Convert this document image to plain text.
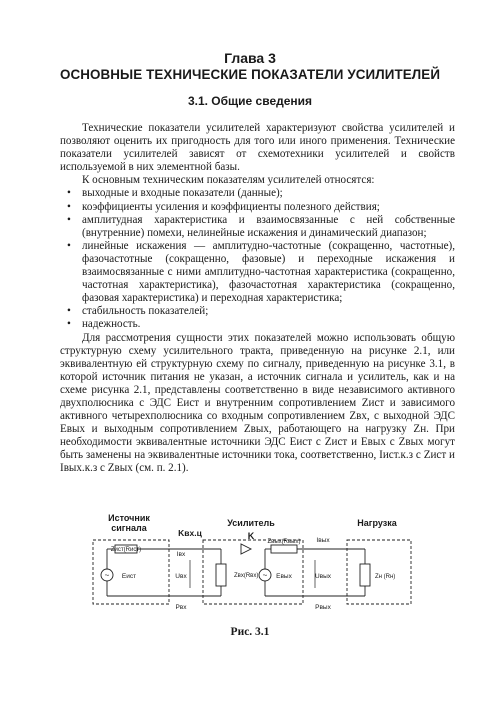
Глава 3
ОСНОВНЫЕ ТЕХНИЧЕСКИЕ ПОКАЗАТЕЛИ УСИЛИТЕЛЕЙ
3.1. Общие сведения

Технические показатели усилителей характеризуют свойства усилителей и позволяют оценить их пригодность для того или иного применения. Технические показатели усилителей зависят от схемотехники усилителей и свойств используемой в них элементной базы.

К основным техническим показателям усилителей относятся:

• выходные и входные показатели (данные);
• коэффициенты усиления и коэффициенты полезного действия;
• амплитудная характеристика и взаимосвязанные с ней собственные (внутренние) помехи, нелинейные искажения и динамический диапазон;
• линейные искажения — амплитудно-частотные (сокращенно, частотные), фазочастотные (сокращенно, фазовые) и переходные искажения и взаимосвязанные с ними амплитудно-частотная характеристика (сокращенно, частотная характеристика), фазочастотная характеристика (сокращенно, фазовая характеристика) и переходная характеристика;
• стабильность показателей;
• надежность.

Для рассмотрения сущности этих показателей можно использовать общую структурную схему усилительного тракта, приведенную на рисунке 2.1, или эквивалентную ей структурную схему по сигналу, приведенную на рисунке 3.1, в которой источник питания не указан, а источник сигнала и усилитель, как и на схеме рисунка 2.1, представлены соответственно в виде независимого активного двухполюсника с ЭДС Eист и внутренним сопротивлением Zист и зависимого активного четырехполюсника со входным сопротивлением Zвх, с выходной ЭДС Eвых и выходным сопротивлением Zвых, работающего на нагрузку Zн. При необходимости эквивалентные источники ЭДС Eист с Zист и Eвых с Zвых могут быть заменены на эквивалентные источники тока, соответственно, Iист.к.з с Zист и Iвых.к.з с Zвых (см. п. 2.1).

Источник
сигнала	Kвх.ц
Усилитель
K
Нагрузка
Zист(Rист)
~ Eист
Iвх
Uвх
Pвх
Zвх(Rвх)
Zвых(Rвых)
~ Eвых
Iвых
Uвых
Pвых
Zн (Rн)
Рис. 3.1
